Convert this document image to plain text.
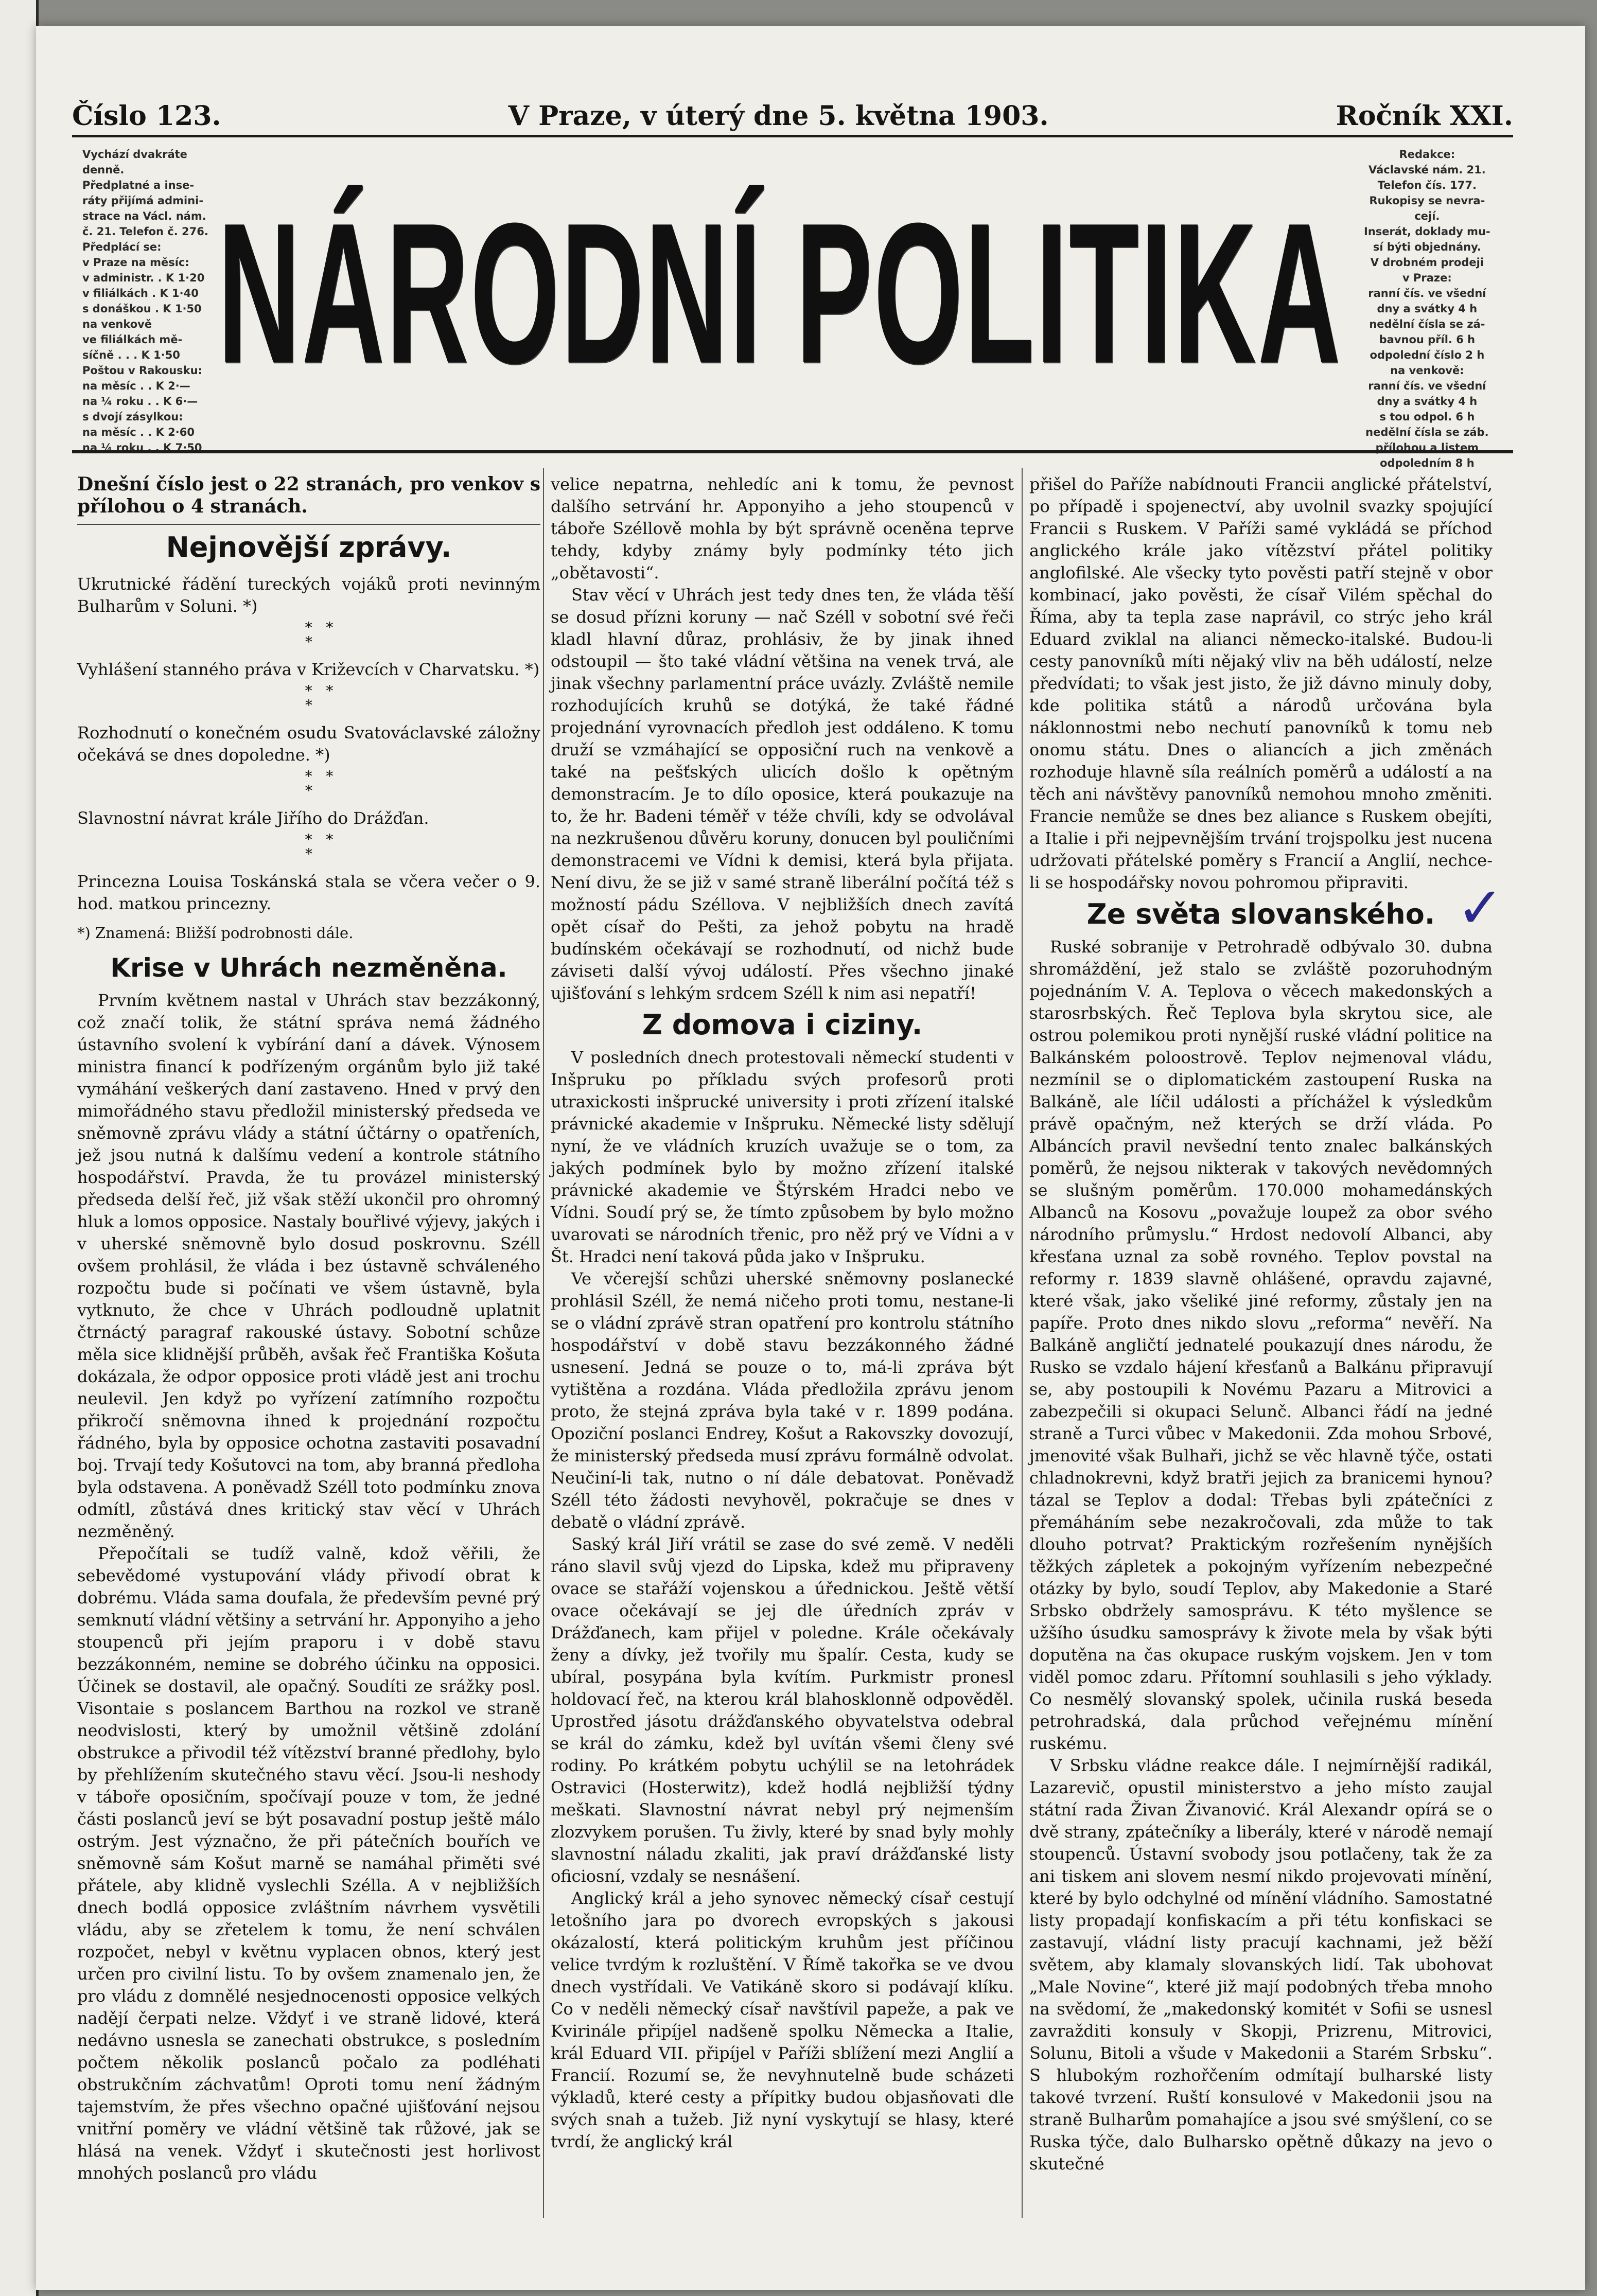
Číslo 123.	V Praze, v úterý dne 5. května 1903.	Ročník XXI.
Vychází dvakráte
denně.
Předplatné a inse-
ráty přijímá admini-
strace na Václ. nám.
č. 21. Telefon č. 276.
Předplácí se:
v Praze na měsíc:
v administr. . K 1·20
v filiálkách . K 1·40
s donáškou . K 1·50
na venkově
ve filiálkách mě-
síčně . . . K 1·50
Poštou v Rakousku:
na měsíc . . K 2·—
na ¼ roku . . K 6·—
s dvojí zásylkou:
na měsíc . . K 2·60
na ¼ roku . . K 7·50
NÁRODNÍ POLITIKA
Redakce:
Václavské nám. 21.
Telefon čís. 177.
Rukopisy se nevra-
cejí.
Inserát, doklady mu-
sí býti objednány.
V drobném prodeji
v Praze:
ranní čís. ve všední
dny a svátky 4 h
nedělní čísla se zá-
bavnou příl. 6 h
odpolední číslo 2 h
na venkově:
ranní čís. ve všední
dny a svátky 4 h
s tou odpol. 6 h
nedělní čísla se záb.
přílohou a listem
odpoledním 8 h

Dnešní číslo jest o 22 stranách, pro venkov s přílohou o 4 stranách.

Nejnovější zprávy.

Ukrutnické řádění tureckých vojáků proti nevinným Bulharům v Soluni. *)

*   *
*

Vyhlášení stanného práva v Križevcích v Charvatsku. *)

*   *
*

Rozhodnutí o konečném osudu Svatováclavské záložny očekává se dnes dopoledne. *)

*   *
*

Slavnostní návrat krále Jiřího do Drážďan.

*   *
*

Princezna Louisa Toskánská stala se včera večer o 9. hod. matkou princezny.

*) Znamená: Bližší podrobnosti dále.

Krise v Uhrách nezměněna.

Prvním květnem nastal v Uhrách stav bezzákonný, což značí tolik, že státní správa nemá žádného ústavního svolení k vybírání daní a dávek. Výnosem ministra financí k podřízeným orgánům bylo již také vymáhání veškerých daní zastaveno. Hned v prvý den mimořádného stavu předložil ministerský předseda ve sněmovně zprávu vlády a státní účtárny o opatřeních, jež jsou nutná k dalšímu vedení a kontrole státního hospodářství. Pravda, že tu provázel ministerský předseda delší řeč, již však stěží ukončil pro ohromný hluk a lomos opposice. Nastaly bouřlivé výjevy, jakých i v uherské sněmovně bylo dosud poskrovnu. Széll ovšem prohlásil, že vláda i bez ústavně schváleného rozpočtu bude si počínati ve všem ústavně, byla vytknuto, že chce v Uhrách podloudně uplatnit čtrnáctý paragraf rakouské ústavy. Sobotní schůze měla sice klidnější průběh, avšak řeč Františka Košuta dokázala, že odpor opposice proti vládě jest ani trochu neulevil. Jen když po vyřízení zatímního rozpočtu přikročí sněmovna ihned k projednání rozpočtu řádného, byla by opposice ochotna zastaviti posavadní boj. Trvají tedy Košutovci na tom, aby branná předloha byla odstavena. A poněvadž Széll toto podmínku znova odmítl, zůstává dnes kritický stav věcí v Uhrách nezměněný.

Přepočítali se tudíž valně, kdož věřili, že sebevědomé vystupování vlády přivodí obrat k dobrému. Vláda sama doufala, že především pevné prý semknutí vládní většiny a setrvání hr. Apponyiho a jeho stoupenců při jejím praporu i v době stavu bezzákonném, nemine se dobrého účinku na opposici. Účinek se dostavil, ale opačný. Soudíti ze srážky posl. Visontaie s poslancem Barthou na rozkol ve straně neodvislosti, který by umožnil většině zdolání obstrukce a přivodil též vítězství branné předlohy, bylo by přehlížením skutečného stavu věcí. Jsou-li neshody v táboře oposičním, spočívají pouze v tom, že jedné části poslanců jeví se být posavadní postup ještě málo ostrým. Jest význačno, že při pátečních bouřích ve sněmovně sám Košut marně se namáhal přiměti své přátele, aby klidně vyslechli Szélla. A v nejbližších dnech bodlá opposice zvláštním návrhem vysvětili vládu, aby se zřetelem k tomu, že není schválen rozpočet, nebyl v květnu vyplacen obnos, který jest určen pro civilní listu. To by ovšem znamenalo jen, že pro vládu z domnělé nesjednocenosti opposice velkých nadějí čerpati nelze. Vždyť i ve straně lidové, která nedávno usnesla se zanechati obstrukce, s posledním počtem několik poslanců počalo za podléhati obstrukčním záchvatům! Oproti tomu není žádným tajemstvím, že přes všechno opačné ujišťování nejsou vnitřní poměry ve vládní většině tak růžové, jak se hlásá na venek. Vždyť i skutečnosti jest horlivost mnohých poslanců pro vládu

velice nepatrna, nehledíc ani k tomu, že pevnost dalšího setrvání hr. Apponyiho a jeho stoupenců v táboře Széllově mohla by být správně oceněna teprve tehdy, kdyby známy byly podmínky této jich „obětavosti“.

Stav věcí v Uhrách jest tedy dnes ten, že vláda těší se dosud přízni koruny — nač Széll v sobotní své řeči kladl hlavní důraz, prohlásiv, že by jinak ihned odstoupil — što také vládní většina na venek trvá, ale jinak všechny parlamentní práce uvázly. Zvláště nemile rozhodujících kruhů se dotýká, že také řádné projednání vyrovnacích předloh jest oddáleno. K tomu druží se vzmáhající se opposiční ruch na venkově a také na pešťských ulicích došlo k opětným demonstracím. Je to dílo oposice, která poukazuje na to, že hr. Badeni téměř v téže chvíli, kdy se odvolával na nezkrušenou důvěru koruny, donucen byl pouličními demonstracemi ve Vídni k demisi, která byla přijata. Není divu, že se již v samé straně liberální počítá též s možností pádu Széllova. V nejbližších dnech zavítá opět císař do Pešti, za jehož pobytu na hradě budínském očekávají se rozhodnutí, od nichž bude záviseti další vývoj událostí. Přes všechno jinaké ujišťování s lehkým srdcem Széll k nim asi nepatří!

Z domova i ciziny.

V posledních dnech protestovali německí studenti v Inšpruku po příkladu svých profesorů proti utraxickosti inšprucké university i proti zřízení italské právnické akademie v Inšpruku. Německé listy sdělují nyní, že ve vládních kruzích uvažuje se o tom, za jakých podmínek bylo by možno zřízení italské právnické akademie ve Štýrském Hradci nebo ve Vídni. Soudí prý se, že tímto způsobem by bylo možno uvarovati se národních třenic, pro něž prý ve Vídni a v Št. Hradci není taková půda jako v Inšpruku.

Ve včerejší schůzi uherské sněmovny poslanecké prohlásil Széll, že nemá ničeho proti tomu, nestane-li se o vládní zprávě stran opatření pro kontrolu státního hospodářství v době stavu bezzákonného žádné usnesení. Jedná se pouze o to, má-li zpráva být vytištěna a rozdána. Vláda předložila zprávu jenom proto, že stejná zpráva byla také v r. 1899 podána. Opoziční poslanci Endrey, Košut a Rakovszky dovozují, že ministerský předseda musí zprávu formálně odvolat. Neučiní-li tak, nutno o ní dále debatovat. Poněvadž Széll této žádosti nevyhověl, pokračuje se dnes v debatě o vládní zprávě.

Saský král Jiří vrátil se zase do své země. V neděli ráno slavil svůj vjezd do Lipska, kdež mu připraveny ovace se stařáží vojenskou a úřednickou. Ještě větší ovace očekávají se jej dle úředních zpráv v Drážďanech, kam přijel v poledne. Krále očekávaly ženy a dívky, jež tvořily mu špalír. Cesta, kudy se ubíral, posypána byla kvítím. Purkmistr pronesl holdovací řeč, na kterou král blahosklonně odpověděl. Uprostřed jásotu drážďanského obyvatelstva odebral se král do zámku, kdež byl uvítán všemi členy své rodiny. Po krátkém pobytu uchýlil se na letohrádek Ostravici (Hosterwitz), kdež hodlá nejbližší týdny meškati. Slavnostní návrat nebyl prý nejmenším zlozvykem porušen. Tu živly, které by snad byly mohly slavnostní náladu zkaliti, jak praví drážďanské listy oficiosní, vzdaly se nesnášení.

Anglický král a jeho synovec německý císař cestují letošního jara po dvorech evropských s jakousi okázalostí, která politickým kruhům jest příčinou velice tvrdým k rozluštění. V Římě takořka se ve dvou dnech vystřídali. Ve Vatikáně skoro si podávají klíku. Co v neděli německý císař navštívil papeže, a pak ve Kvirinále připíjel nadšeně spolku Německa a Italie, král Eduard VII. připíjel v Paříži sblížení mezi Anglií a Francií. Rozumí se, že nevyhnutelně bude scházeti výkladů, které cesty a přípitky budou objasňovati dle svých snah a tužeb. Již nyní vyskytují se hlasy, které tvrdí, že anglický král

přišel do Paříže nabídnouti Francii anglické přátelství, po případě i spojenectví, aby uvolnil svazky spojující Francii s Ruskem. V Paříži samé vykládá se příchod anglického krále jako vítězství přátel politiky anglofilské. Ale všecky tyto pověsti patří stejně v obor kombinací, jako pověsti, že císař Vilém spěchal do Říma, aby ta tepla zase naprávil, co strýc jeho král Eduard zviklal na alianci německo-italské. Budou-li cesty panovníků míti nějaký vliv na běh událostí, nelze předvídati; to však jest jisto, že již dávno minuly doby, kde politika států a národů určována byla náklonnostmi nebo nechutí panovníků k tomu neb onomu státu. Dnes o aliancích a jich změnách rozhoduje hlavně síla reálních poměrů a událostí a na těch ani návštěvy panovníků nemohou mnoho změniti. Francie nemůže se dnes bez aliance s Ruskem obejíti, a Italie i při nejpevnějším trvání trojspolku jest nucena udržovati přátelské poměry s Francií a Anglií, nechce-li se hospodářsky novou pohromou připraviti.

Ze světa slovanského.

Ruské sobranije v Petrohradě odbývalo 30. dubna shromáždění, jež stalo se zvláště pozoruhodným pojednáním V. A. Teplova o věcech makedonských a starosrbských. Řeč Teplova byla skrytou sice, ale ostrou polemikou proti nynější ruské vládní politice na Balkánském poloostrově. Teplov nejmenoval vládu, nezmínil se o diplomatickém zastoupení Ruska na Balkáně, ale líčil události a příchážel k výsledkům právě opačným, než kterých se drží vláda. Po Albáncích pravil nevšední tento znalec balkánských poměrů, že nejsou nikterak v takových nevědomných se slušným poměrům. 170.000 mohamedánských Albanců na Kosovu „považuje loupež za obor svého národního průmyslu.“ Hrdost nedovolí Albanci, aby křesťana uznal za sobě rovného. Teplov povstal na reformy r. 1839 slavně ohlášené, opravdu zajavné, které však, jako všeliké jiné reformy, zůstaly jen na papíře. Proto dnes nikdo slovu „reforma“ nevěří. Na Balkáně angličtí jednatelé poukazují dnes národu, že Rusko se vzdalo hájení křesťanů a Balkánu připravují se, aby postoupili k Novému Pazaru a Mitrovici a zabezpečili si okupaci Selunč. Albanci řádí na jedné straně a Turci vůbec v Makedonii. Zda mohou Srbové, jmenovité však Bulhaři, jichž se věc hlavně týče, ostati chladnokrevni, když bratři jejich za branicemi hynou? tázal se Teplov a dodal: Třebas byli zpátečníci z přemáháním sebe nezakročovali, zda může to tak dlouho potrvat? Praktickým rozřešením nynějších těžkých zápletek a pokojným vyřízením nebezpečné otázky by bylo, soudí Teplov, aby Makedonie a Staré Srbsko obdržely samosprávu. K této myšlence se užšího úsudku samosprávy k živote mela by však býti doputěna na čas okupace ruským vojskem. Jen v tom viděl pomoc zdaru. Přítomní souhlasili s jeho výklady. Co nesmělý slovanský spolek, učinila ruská beseda petrohradská, dala průchod veřejnému mínění ruskému.

V Srbsku vládne reakce dále. I nejmírnější radikál, Lazarevič, opustil ministerstvo a jeho místo zaujal státní rada Živan Živanović. Král Alexandr opírá se o dvě strany, zpátečníky a liberály, které v národě nemají stoupenců. Ústavní svobody jsou potlačeny, tak že za ani tiskem ani slovem nesmí nikdo projevovati mínění, které by bylo odchylné od mínění vládního. Samostatné listy propadají konfiskacím a při tétu konfiskaci se zastavují, vládní listy pracují kachnami, jež běží světem, aby klamaly slovanských lidí. Tak ubohovat „Male Novine“, které již mají podobných třeba mnoho na svědomí, že „makedonský komitét v Sofii se usnesl zavražditi konsuly v Skopji, Prizrenu, Mitrovici, Solunu, Bitoli a všude v Makedonii a Starém Srbsku“. S hlubokým rozhořčením odmítají bulharské listy takové tvrzení. Ruští konsulové v Makedonii jsou na straně Bulharům pomahajíce a jsou své smýšlení, co se Ruska týče, dalo Bulharsko opětně důkazy na jevo o skutečné

✓
